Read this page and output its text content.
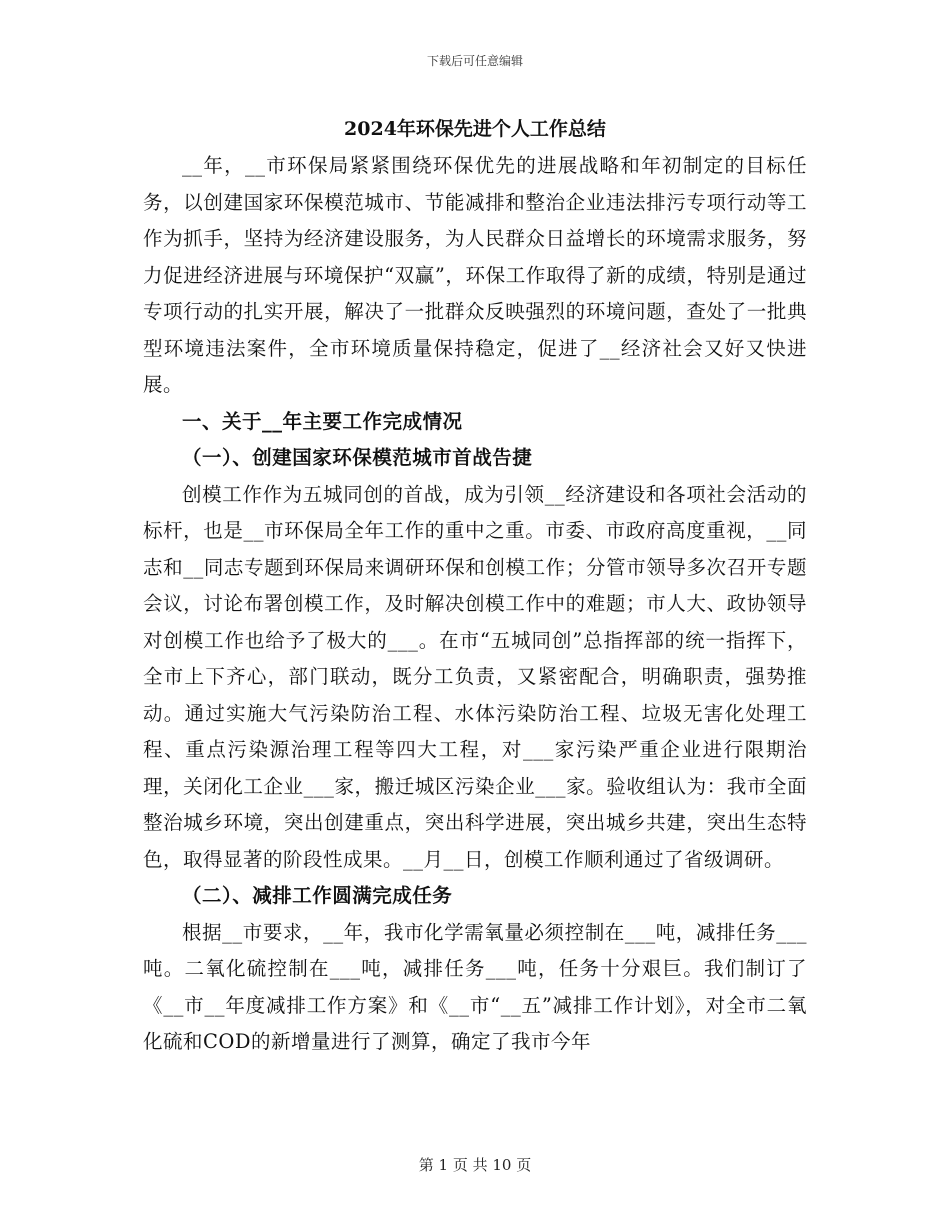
下载后可任意编辑
2024年环保先进个人工作总结

__年，__市环保局紧紧围绕环保优先的进展战略和年初制定的目标任务，以创建国家环保模范城市、节能减排和整治企业违法排污专项行动等工作为抓手，坚持为经济建设服务，为人民群众日益增长的环境需求服务，努力促进经济进展与环境保护“双赢”，环保工作取得了新的成绩，特别是通过专项行动的扎实开展，解决了一批群众反映强烈的环境问题，查处了一批典型环境违法案件，全市环境质量保持稳定，促进了__经济社会又好又快进展。

一、关于__年主要工作完成情况

（一）、创建国家环保模范城市首战告捷

创模工作作为五城同创的首战，成为引领__经济建设和各项社会活动的标杆，也是__市环保局全年工作的重中之重。市委、市政府高度重视，__同志和__同志专题到环保局来调研环保和创模工作；分管市领导多次召开专题会议，讨论布署创模工作，及时解决创模工作中的难题；市人大、政协领导对创模工作也给予了极大的___。在市“五城同创”总指挥部的统一指挥下，全市上下齐心，部门联动，既分工负责，又紧密配合，明确职责，强势推动。通过实施大气污染防治工程、水体污染防治工程、垃圾无害化处理工程、重点污染源治理工程等四大工程，对___家污染严重企业进行限期治理，关闭化工企业___家，搬迁城区污染企业___家。验收组认为：我市全面整治城乡环境，突出创建重点，突出科学进展，突出城乡共建，突出生态特色，取得显著的阶段性成果。__月__日，创模工作顺利通过了省级调研。

（二）、减排工作圆满完成任务

根据__市要求，__年，我市化学需氧量必须控制在___吨，减排任务___吨。二氧化硫控制在___吨，减排任务___吨，任务十分艰巨。我们制订了《__市__年度减排工作方案》和《__市“__五”减排工作计划》，对全市二氧化硫和COD的新增量进行了测算，确定了我市今年

第 1 页 共 10 页
